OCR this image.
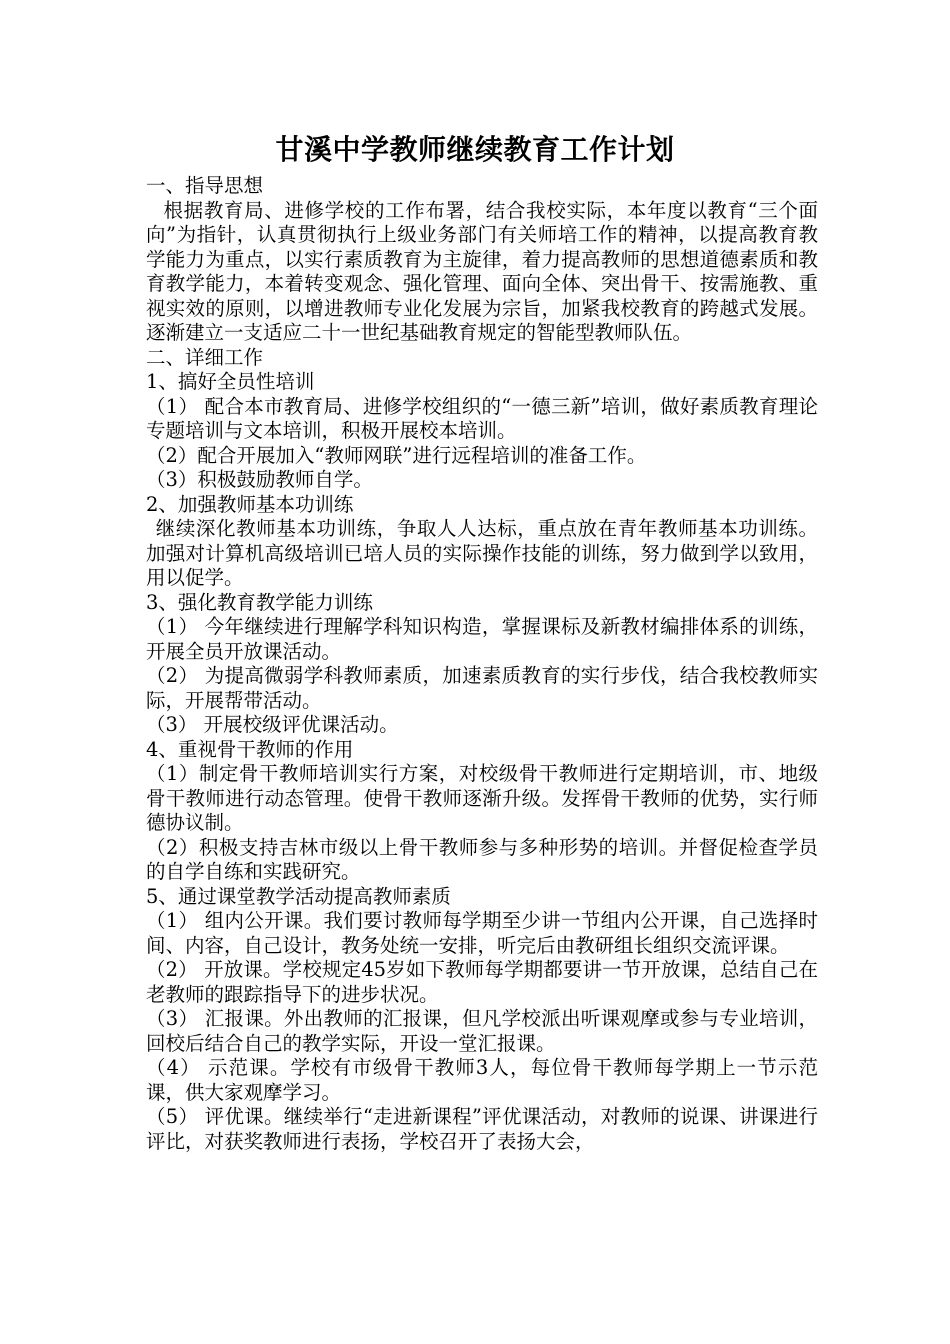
甘溪中学教师继续教育工作计划

一、指导思想

根据教育局、进修学校的工作布署，结合我校实际，本年度以教育“三个面向”为指针，认真贯彻执行上级业务部门有关师培工作的精神，以提高教育教学能力为重点，以实行素质教育为主旋律，着力提高教师的思想道德素质和教育教学能力，本着转变观念、强化管理、面向全体、突出骨干、按需施教、重视实效的原则，以增进教师专业化发展为宗旨，加紧我校教育的跨越式发展。逐渐建立一支适应二十一世纪基础教育规定的智能型教师队伍。

二、详细工作

1、搞好全员性培训

（1） 配合本市教育局、进修学校组织的“一德三新”培训，做好素质教育理论专题培训与文本培训，积极开展校本培训。

（2）配合开展加入“教师网联”进行远程培训的准备工作。

（3）积极鼓励教师自学。

2、加强教师基本功训练

继续深化教师基本功训练，争取人人达标，重点放在青年教师基本功训练。加强对计算机高级培训已培人员的实际操作技能的训练，努力做到学以致用，用以促学。

3、强化教育教学能力训练

（1） 今年继续进行理解学科知识构造，掌握课标及新教材编排体系的训练，开展全员开放课活动。

（2） 为提高微弱学科教师素质，加速素质教育的实行步伐，结合我校教师实际，开展帮带活动。

（3） 开展校级评优课活动。

4、重视骨干教师的作用

（1）制定骨干教师培训实行方案，对校级骨干教师进行定期培训，市、地级骨干教师进行动态管理。使骨干教师逐渐升级。发挥骨干教师的优势，实行师德协议制。

（2）积极支持吉林市级以上骨干教师参与多种形势的培训。并督促检查学员的自学自练和实践研究。

5、通过课堂教学活动提高教师素质

（1） 组内公开课。我们要讨教师每学期至少讲一节组内公开课，自己选择时间、内容，自己设计，教务处统一安排，听完后由教研组长组织交流评课。

（2） 开放课。学校规定45岁如下教师每学期都要讲一节开放课，总结自己在老教师的跟踪指导下的进步状况。

（3） 汇报课。外出教师的汇报课，但凡学校派出听课观摩或参与专业培训，回校后结合自己的教学实际，开设一堂汇报课。

（4） 示范课。学校有市级骨干教师3人，每位骨干教师每学期上一节示范课，供大家观摩学习。

（5） 评优课。继续举行“走进新课程”评优课活动，对教师的说课、讲课进行评比，对获奖教师进行表扬，学校召开了表扬大会，
